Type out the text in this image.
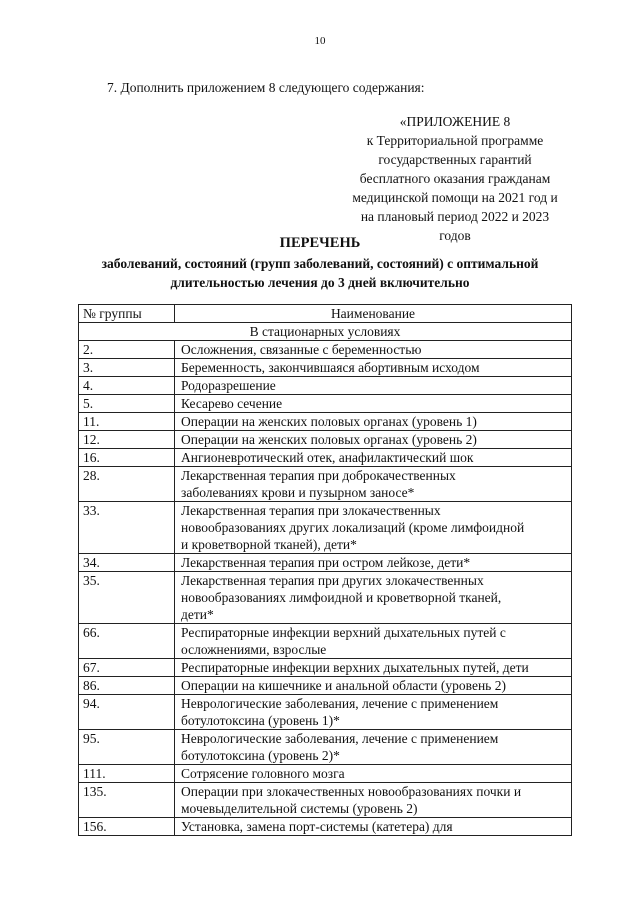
10
7. Дополнить приложением 8 следующего содержания:
«ПРИЛОЖЕНИЕ 8
к Территориальной программе
государственных гарантий
бесплатного оказания гражданам
медицинской помощи на 2021 год и
на плановый период 2022 и 2023
годов
ПЕРЕЧЕНЬ
заболеваний, состояний (групп заболеваний, состояний) с оптимальной
длительностью лечения до 3 дней включительно
№ группы	Наименование
В стационарных условиях	
2.	Осложнения, связанные с беременностью

3.	Беременность, закончившаяся абортивным исходом

4.	Родоразрешение

5.	Кесарево сечение

11.	Операции на женских половых органах (уровень 1)

12.	Операции на женских половых органах (уровень 2)

16.	Ангионевротический отек, анафилактический шок

28.	Лекарственная терапия при доброкачественных
заболеваниях крови и пузырном заносе*

33.	Лекарственная терапия при злокачественных
новообразованиях других локализаций (кроме лимфоидной
и кроветворной тканей), дети*

34.	Лекарственная терапия при остром лейкозе, дети*

35.	Лекарственная терапия при других злокачественных
новообразованиях лимфоидной и кроветворной тканей,
дети*

66.	Респираторные инфекции верхний дыхательных путей с
осложнениями, взрослые

67.	Респираторные инфекции верхних дыхательных путей, дети

86.	Операции на кишечнике и анальной области (уровень 2)

94.	Неврологические заболевания, лечение с применением
ботулотоксина (уровень 1)*

95.	Неврологические заболевания, лечение с применением
ботулотоксина (уровень 2)*

111.	Сотрясение головного мозга

135.	Операции при злокачественных новообразованиях почки и
мочевыделительной системы (уровень 2)

156.	Установка, замена порт-системы (катетера) для
